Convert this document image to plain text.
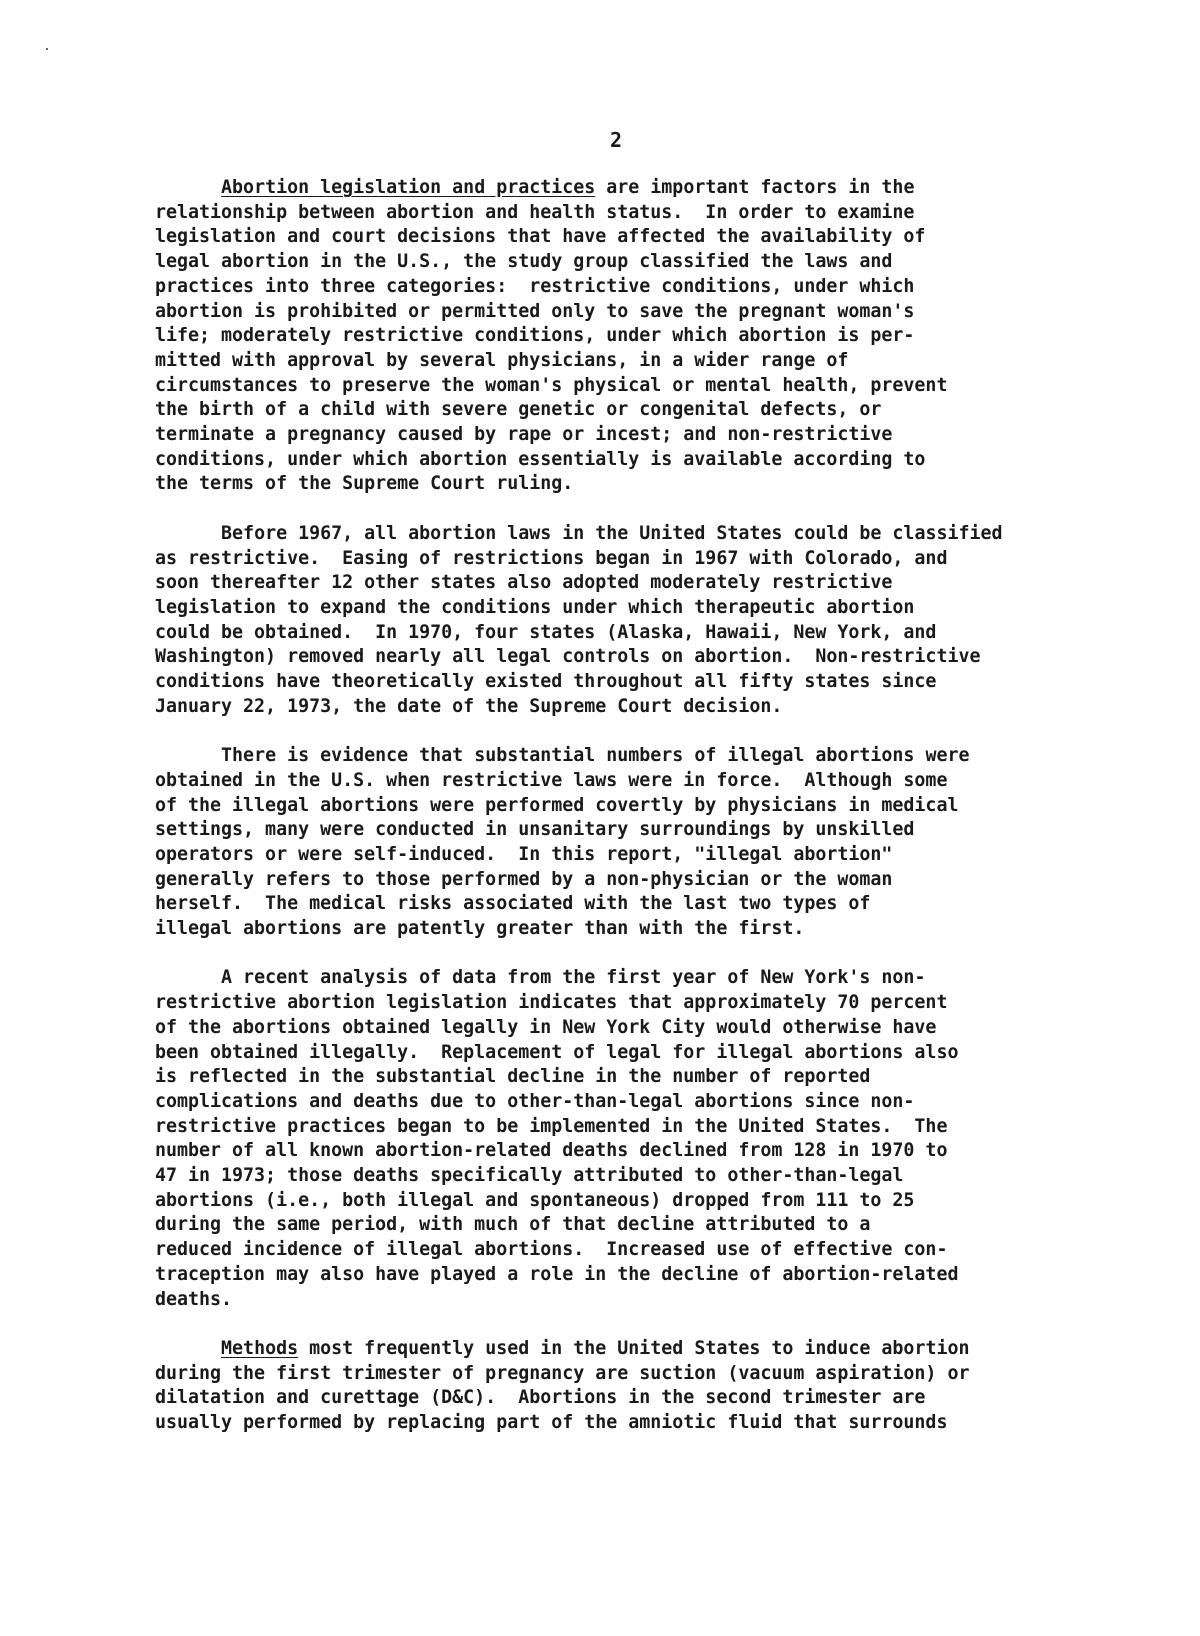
2
Abortion legislation and practices are important factors in the
relationship between abortion and health status.  In order to examine
legislation and court decisions that have affected the availability of
legal abortion in the U.S., the study group classified the laws and
practices into three categories:  restrictive conditions, under which
abortion is prohibited or permitted only to save the pregnant woman's
life; moderately restrictive conditions, under which abortion is per-
mitted with approval by several physicians, in a wider range of
circumstances to preserve the woman's physical or mental health, prevent
the birth of a child with severe genetic or congenital defects, or
terminate a pregnancy caused by rape or incest; and non-restrictive
conditions, under which abortion essentially is available according to
the terms of the Supreme Court ruling.
Before 1967, all abortion laws in the United States could be classified
as restrictive.  Easing of restrictions began in 1967 with Colorado, and
soon thereafter 12 other states also adopted moderately restrictive
legislation to expand the conditions under which therapeutic abortion
could be obtained.  In 1970, four states (Alaska, Hawaii, New York, and
Washington) removed nearly all legal controls on abortion.  Non-restrictive
conditions have theoretically existed throughout all fifty states since
January 22, 1973, the date of the Supreme Court decision.
There is evidence that substantial numbers of illegal abortions were
obtained in the U.S. when restrictive laws were in force.  Although some
of the illegal abortions were performed covertly by physicians in medical
settings, many were conducted in unsanitary surroundings by unskilled
operators or were self-induced.  In this report, "illegal abortion"
generally refers to those performed by a non-physician or the woman
herself.  The medical risks associated with the last two types of
illegal abortions are patently greater than with the first.
A recent analysis of data from the first year of New York's non-
restrictive abortion legislation indicates that approximately 70 percent
of the abortions obtained legally in New York City would otherwise have
been obtained illegally.  Replacement of legal for illegal abortions also
is reflected in the substantial decline in the number of reported
complications and deaths due to other-than-legal abortions since non-
restrictive practices began to be implemented in the United States.  The
number of all known abortion-related deaths declined from 128 in 1970 to
47 in 1973; those deaths specifically attributed to other-than-legal
abortions (i.e., both illegal and spontaneous) dropped from 111 to 25
during the same period, with much of that decline attributed to a
reduced incidence of illegal abortions.  Increased use of effective con-
traception may also have played a role in the decline of abortion-related
deaths.
Methods most frequently used in the United States to induce abortion
during the first trimester of pregnancy are suction (vacuum aspiration) or
dilatation and curettage (D&C).  Abortions in the second trimester are
usually performed by replacing part of the amniotic fluid that surrounds
